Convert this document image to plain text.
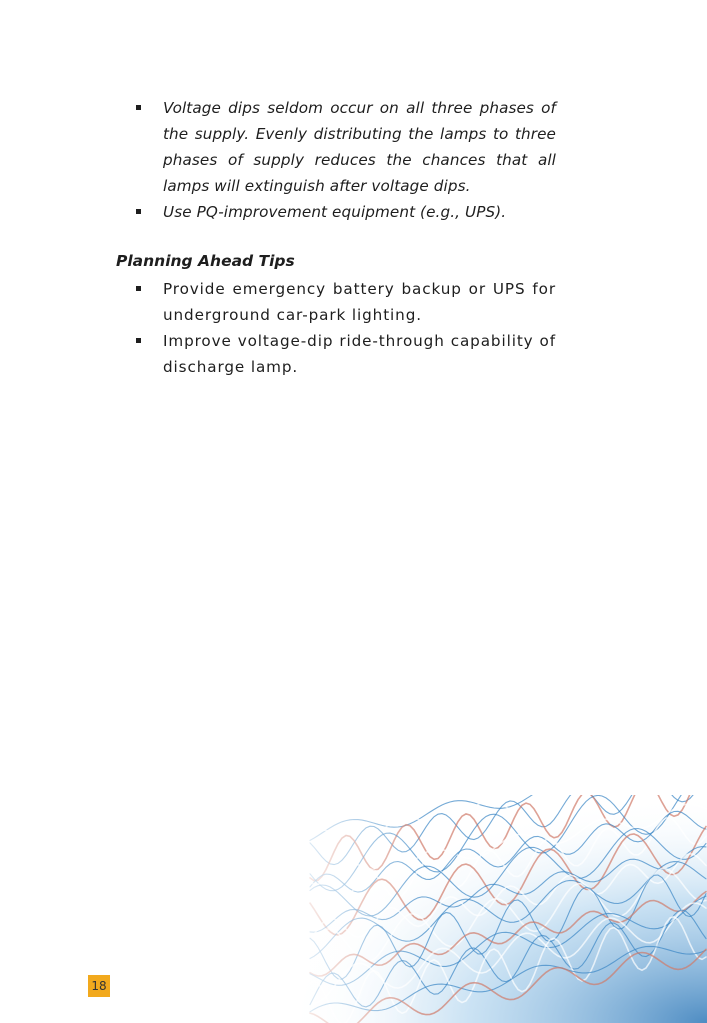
Voltage dips seldom occur on all three phases of the supply. Evenly distributing the lamps to three phases of supply reduces the chances that all lamps will extinguish after voltage dips.
Use PQ-improvement equipment (e.g., UPS).
Planning Ahead Tips
Provide emergency battery backup or UPS for underground car-park lighting.
Improve voltage-dip ride-through capability of discharge lamp.
18
